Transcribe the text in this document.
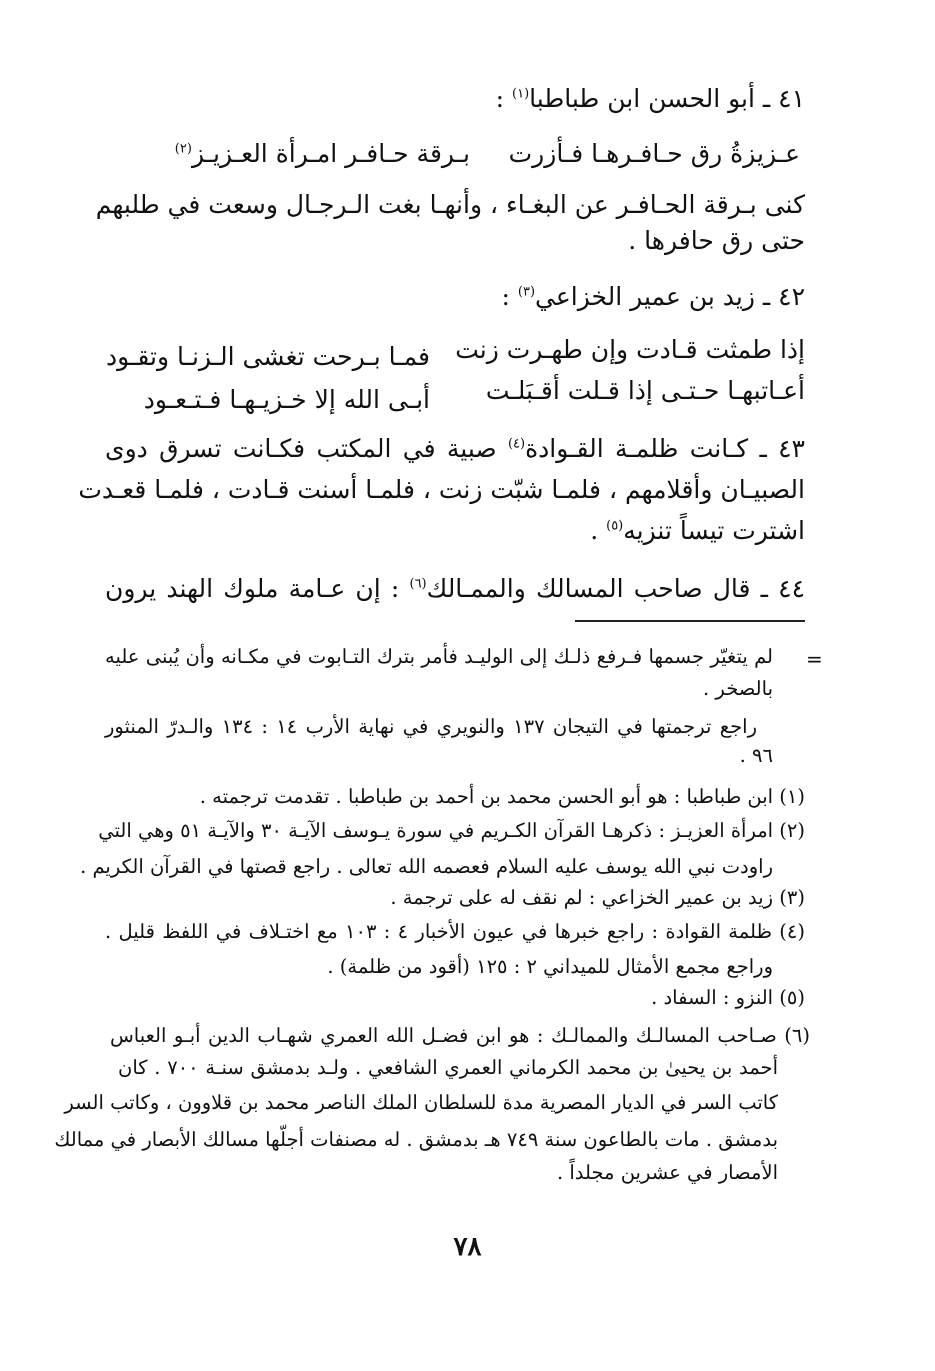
٤١ ـ أبو الحسن ابن طباطبا$^{(١)}$ :
عـزيزةُ رق حـافـرهـا فـأزرت
بـرقة حـافـر امـرأة العـزيـز$^{(٢)}$
كنى بـرقة الحـافـر عن البغـاء ، وأنهـا بغت الـرجـال وسعت في طلبهم
حتى رق حافرها .
٤٢ ـ زيد بن عمير الخزاعي$^{(٣)}$ :
إذا طمثت قـادت وإن طهـرت زنت
فمـا بـرحت تغشى الـزنـا وتقـود
أعـاتبهـا حـتـى إذا قـلت أقـبَلـت
أبـى الله إلا خـزيـهـا فـتـعـود
٤٣ ـ كـانت ظلمـة القـوادة$^{(٤)}$ صبية في المكتب فكـانت تسرق دوى
الصبيـان وأقلامهم ، فلمـا شبّت زنت ، فلمـا أسنت قـادت ، فلمـا قعـدت
اشترت تيساً تنزيه$^{(٥)}$ .
٤٤ ـ قال صاحب المسالك والممـالك$^{(٦)}$ : إن عـامة ملوك الهند يرون
=
لم يتغيّر جسمها فـرفع ذلـك إلى الوليـد فأمر بترك التـابوت في مكـانه وأن يُبنى عليه
بالصخر .
راجع ترجمتها في التيجان ١٣٧ والنويري في نهاية الأرب ١٤ : ١٣٤ والـدرّ المنثور
٩٦ .
(١) ابن طباطبا : هو أبو الحسن محمد بن أحمد بن طباطبا . تقدمت ترجمته .
(٢) امرأة العزيـز : ذكرهـا القرآن الكـريم في سورة يـوسف الآيـة ٣٠ والآيـة ٥١ وهي التي
راودت نبي الله يوسف عليه السلام فعصمه الله تعالى . راجع قصتها في القرآن الكريم .
(٣) زيد بن عمير الخزاعي : لم نقف له على ترجمة .
(٤) ظلمة القوادة : راجع خبرها في عيون الأخبار ٤ : ١٠٣ مع اختـلاف في اللفظ قليل .
وراجع مجمع الأمثال للميداني ٢ : ١٢٥ (أقود من ظلمة) .
(٥) النزو : السفاد .
(٦) صـاحب المسالـك والممالـك : هو ابن فضـل الله العمري شهـاب الدين أبـو العباس
أحمد بن يحيىٰ بن محمد الكرماني العمري الشافعي . ولـد بدمشق سنـة ٧٠٠ . كان
كاتب السر في الديار المصرية مدة للسلطان الملك الناصر محمد بن قلاوون ، وكاتب السر
بدمشق . مات بالطاعون سنة ٧٤٩ هـ بدمشق . له مصنفات أجلّها مسالك الأبصار في ممالك
الأمصار في عشرين مجلداً .
٧٨
